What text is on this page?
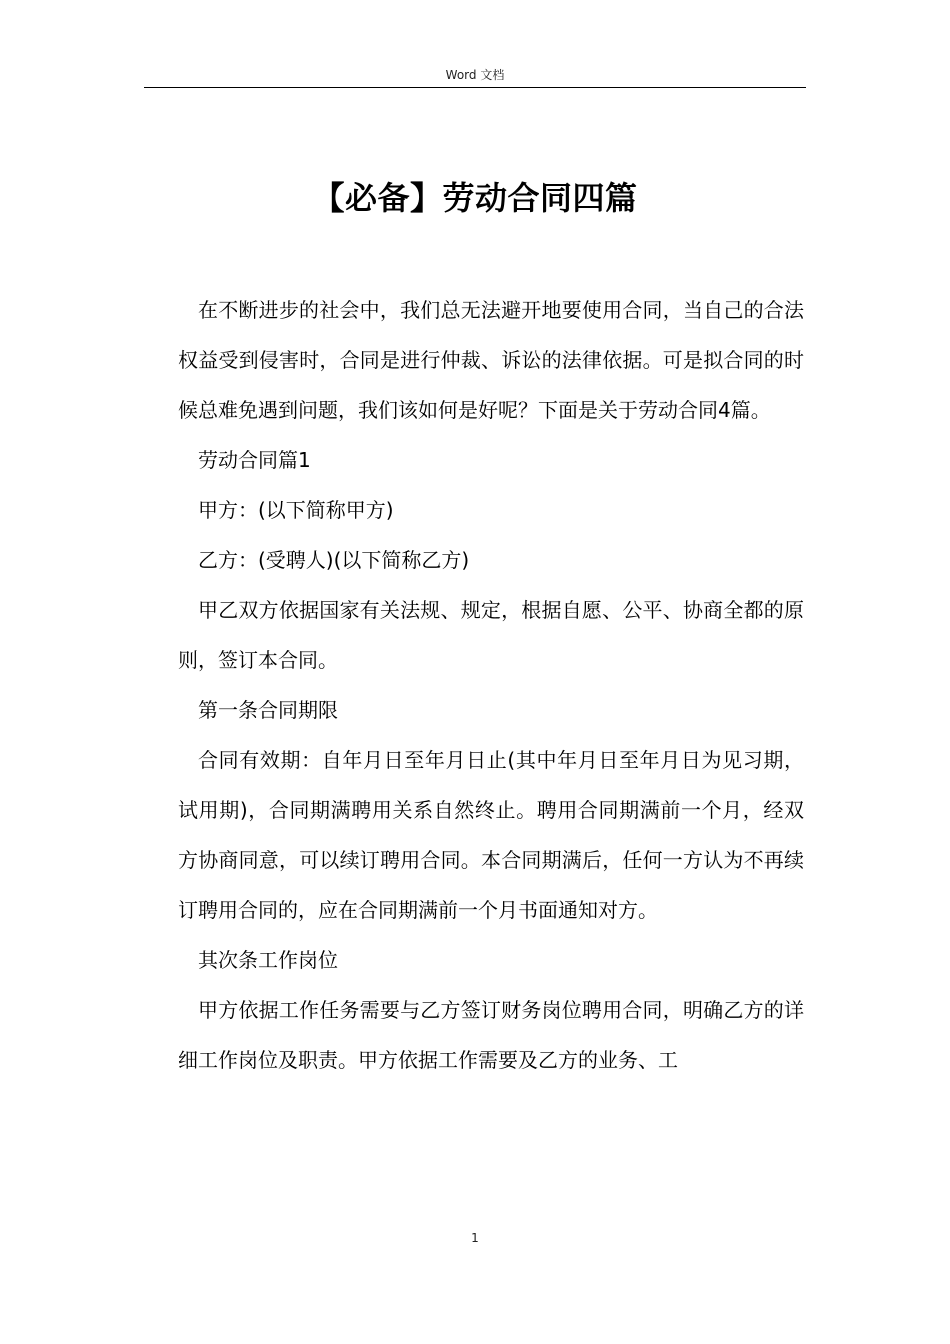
Word 文档
【必备】劳动合同四篇

在不断进步的社会中，我们总无法避开地要使用合同，当自己的合法权益受到侵害时，合同是进行仲裁、诉讼的法律依据。可是拟合同的时候总难免遇到问题，我们该如何是好呢？下面是关于劳动合同4篇。

劳动合同篇1

甲方：(以下简称甲方)

乙方：(受聘人)(以下简称乙方)

甲乙双方依据国家有关法规、规定，根据自愿、公平、协商全都的原则，签订本合同。

第一条合同期限

合同有效期：自年月日至年月日止(其中年月日至年月日为见习期，试用期)，合同期满聘用关系自然终止。聘用合同期满前一个月，经双方协商同意，可以续订聘用合同。本合同期满后，任何一方认为不再续订聘用合同的，应在合同期满前一个月书面通知对方。

其次条工作岗位

甲方依据工作任务需要与乙方签订财务岗位聘用合同，明确乙方的详细工作岗位及职责。甲方依据工作需要及乙方的业务、工

1
